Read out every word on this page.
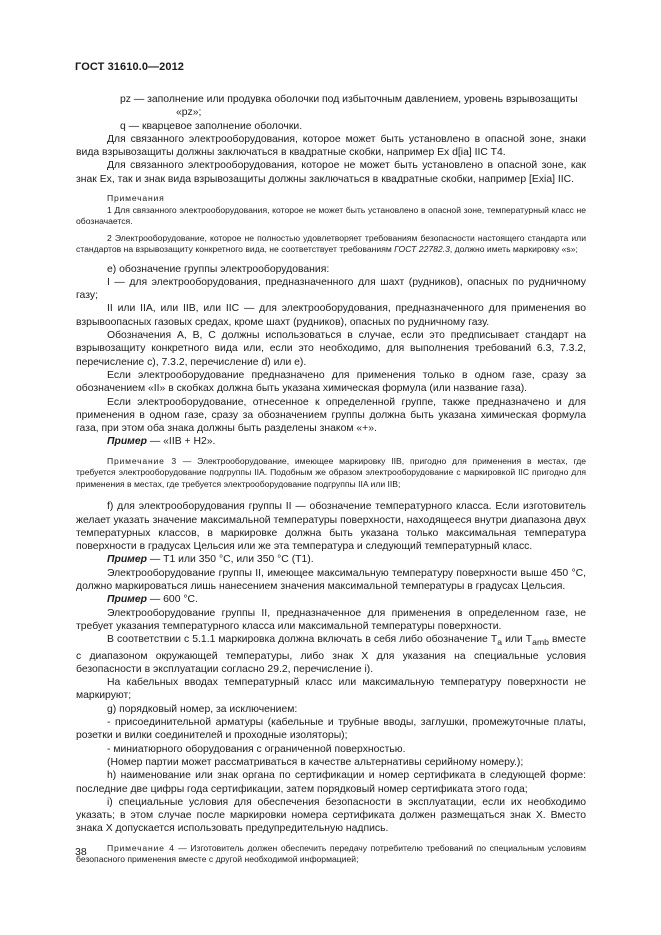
ГОСТ 31610.0—2012

pz — заполнение или продувка оболочки под избыточным давлением, уровень взрывозащиты

«pz»;

q — кварцевое заполнение оболочки.

Для связанного электрооборудования, которое может быть установлено в опасной зоне, знаки вида взрывозащиты должны заключаться в квадратные скобки, например Ex d[ia] IIC T4.

Для связанного электрооборудования, которое не может быть установлено в опасной зоне, как знак Ex, так и знак вида взрывозащиты должны заключаться в квадратные скобки, например [Exia] IIC.

Примечания

1 Для связанного электрооборудования, которое не может быть установлено в опасной зоне, температурный класс не обозначается.

2 Электрооборудование, которое не полностью удовлетворяет требованиям безопасности настоящего стандарта или стандартов на взрывозащиту конкретного вида, не соответствует требованиям ГОСТ 22782.3, должно иметь маркировку «s»;

е) обозначение группы электрооборудования:

I — для электрооборудования, предназначенного для шахт (рудников), опасных по рудничному газу;

II или IIA, или IIB, или IIC — для электрооборудования, предназначенного для применения во взрывоопасных газовых средах, кроме шахт (рудников), опасных по рудничному газу.

Обозначения А, В, С должны использоваться в случае, если это предписывает стандарт на взрывозащиту конкретного вида или, если это необходимо, для выполнения требований 6.3, 7.3.2, перечисление с), 7.3.2, перечисление d) или е).

Если электрооборудование предназначено для применения только в одном газе, сразу за обозначением «II» в скобках должна быть указана химическая формула (или название газа).

Если электрооборудование, отнесенное к определенной группе, также предназначено и для применения в одном газе, сразу за обозначением группы должна быть указана химическая формула газа, при этом оба знака должны быть разделены знаком «+».

Пример — «IIB + H2».

Примечание 3 — Электрооборудование, имеющее маркировку IIB, пригодно для применения в местах, где требуется электрооборудование подгруппы IIA. Подобным же образом электрооборудование с маркировкой IIC пригодно для применения в местах, где требуется электрооборудование подгруппы IIA или IIB;

f) для электрооборудования группы II — обозначение температурного класса. Если изготовитель желает указать значение максимальной температуры поверхности, находящееся внутри диапазона двух температурных классов, в маркировке должна быть указана только максимальная температура поверхности в градусах Цельсия или же эта температура и следующий температурный класс.

Пример — Т1 или 350 °С, или 350 °С (Т1).

Электрооборудование группы II, имеющее максимальную температуру поверхности выше 450 °С, должно маркироваться лишь нанесением значения максимальной температуры в градусах Цельсия.

Пример — 600 °С.

Электрооборудование группы II, предназначенное для применения в определенном газе, не требует указания температурного класса или максимальной температуры поверхности.

В соответствии с 5.1.1 маркировка должна включать в себя либо обозначение $T_a$ или $T_{amb}$ вместе с диапазоном окружающей температуры, либо знак X для указания на специальные условия безопасности в эксплуатации согласно 29.2, перечисление i).

На кабельных вводах температурный класс или максимальную температуру поверхности не маркируют;

g) порядковый номер, за исключением:

- присоединительной арматуры (кабельные и трубные вводы, заглушки, промежуточные платы, розетки и вилки соединителей и проходные изоляторы);

- миниатюрного оборудования с ограниченной поверхностью.

(Номер партии может рассматриваться в качестве альтернативы серийному номеру.);

h) наименование или знак органа по сертификации и номер сертификата в следующей форме: последние две цифры года сертификации, затем порядковый номер сертификата этого года;

i) специальные условия для обеспечения безопасности в эксплуатации, если их необходимо указать; в этом случае после маркировки номера сертификата должен размещаться знак X. Вместо знака X допускается использовать предупредительную надпись.

Примечание 4 — Изготовитель должен обеспечить передачу потребителю требований по специальным условиям безопасного применения вместе с другой необходимой информацией;

38
